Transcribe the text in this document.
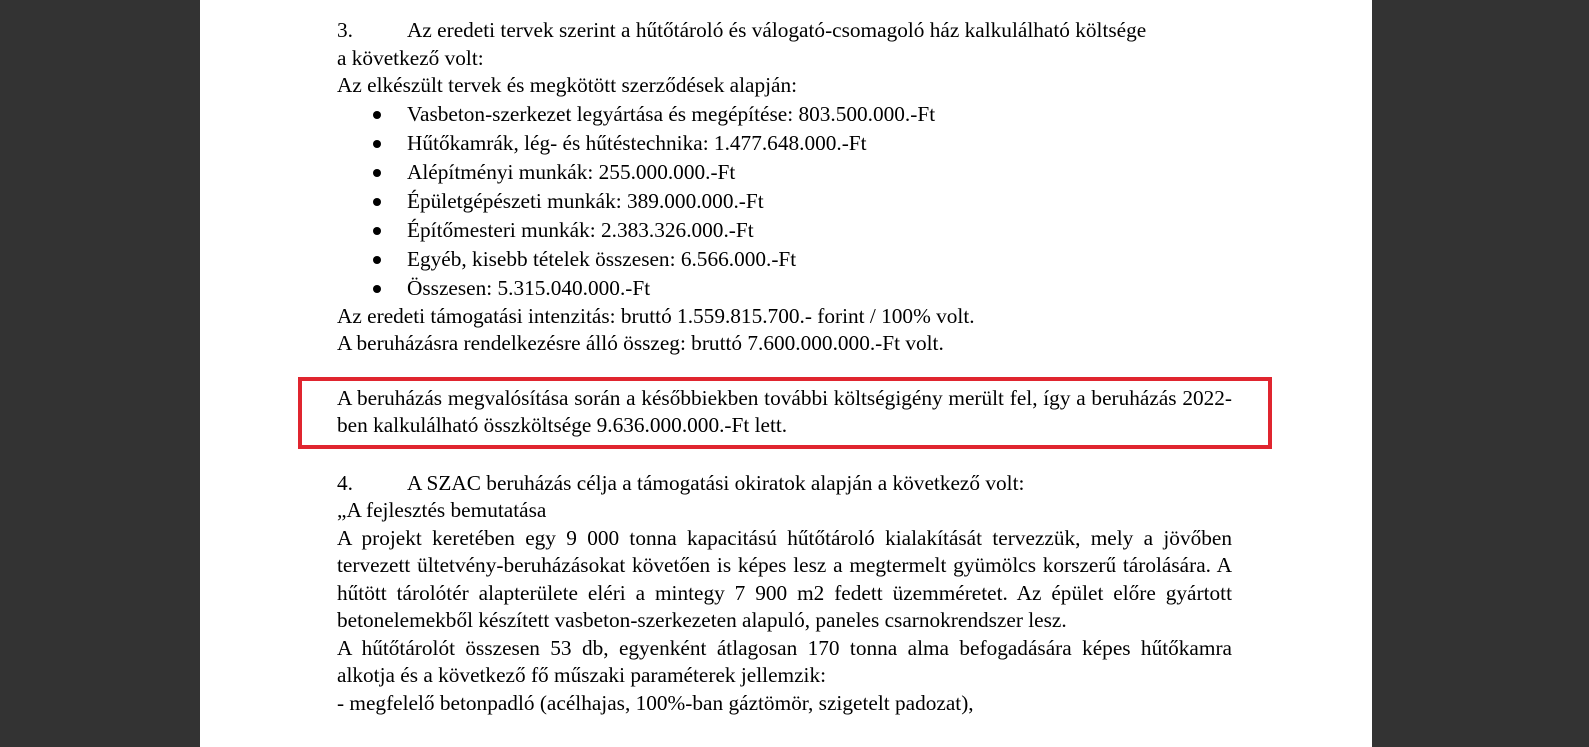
3.	Az eredeti tervek szerint a hűtőtároló és válogató-csomagoló ház kalkulálható költsége
a következő volt:
Az elkészült tervek és megkötött szerződések alapján:
Vasbeton-szerkezet legyártása és megépítése: 803.500.000.-Ft
Hűtőkamrák, lég- és hűtéstechnika: 1.477.648.000.-Ft
Alépítményi munkák: 255.000.000.-Ft
Épületgépészeti munkák: 389.000.000.-Ft
Építőmesteri munkák: 2.383.326.000.-Ft
Egyéb, kisebb tételek összesen: 6.566.000.-Ft
Összesen: 5.315.040.000.-Ft
Az eredeti támogatási intenzitás: bruttó 1.559.815.700.- forint / 100% volt.
A beruházásra rendelkezésre álló összeg: bruttó 7.600.000.000.-Ft volt.
A beruházás megvalósítása során a későbbiekben további költségigény merült fel, így a beruházás 2022-ben kalkulálható összköltsége 9.636.000.000.-Ft lett.
4.	A SZAC beruházás célja a támogatási okiratok alapján a következő volt:
„A fejlesztés bemutatása
A projekt keretében egy 9 000 tonna kapacitású hűtőtároló kialakítását tervezzük, mely a jövőben tervezett ültetvény-beruházásokat követően is képes lesz a megtermelt gyümölcs korszerű tárolására. A hűtött tárolótér alapterülete eléri a mintegy 7 900 m2 fedett üzemméretet. Az épület előre gyártott betonelemekből készített vasbeton-szerkezeten alapuló, paneles csarnokrendszer lesz.
A hűtőtárolót összesen 53 db, egyenként átlagosan 170 tonna alma befogadására képes hűtőkamra alkotja és a következő fő műszaki paraméterek jellemzik:
- megfelelő betonpadló (acélhajas, 100%-ban gáztömör, szigetelt padozat),
